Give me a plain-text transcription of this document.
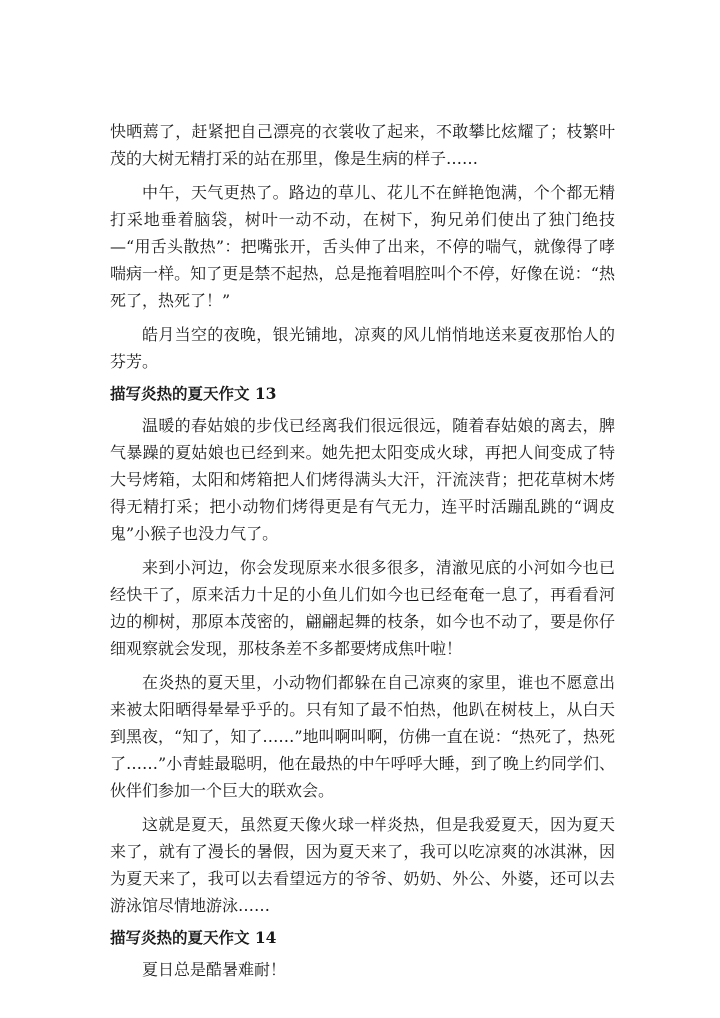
快晒蔫了，赶紧把自己漂亮的衣裳收了起来，不敢攀比炫耀了；枝繁叶茂的大树无精打采的站在那里，像是生病的样子……

中午，天气更热了。路边的草儿、花儿不在鲜艳饱满，个个都无精打采地垂着脑袋，树叶一动不动，在树下，狗兄弟们使出了独门绝技—“用舌头散热”：把嘴张开，舌头伸了出来，不停的喘气，就像得了哮喘病一样。知了更是禁不起热，总是拖着唱腔叫个不停，好像在说：“热死了，热死了！”

皓月当空的夜晚，银光铺地，凉爽的风儿悄悄地送来夏夜那怡人的芬芳。

描写炎热的夏天作文 13

温暖的春姑娘的步伐已经离我们很远很远，随着春姑娘的离去，脾气暴躁的夏姑娘也已经到来。她先把太阳变成火球，再把人间变成了特大号烤箱，太阳和烤箱把人们烤得满头大汗，汗流浃背；把花草树木烤得无精打采；把小动物们烤得更是有气无力，连平时活蹦乱跳的“调皮鬼”小猴子也没力气了。

来到小河边，你会发现原来水很多很多，清澈见底的小河如今也已经快干了，原来活力十足的小鱼儿们如今也已经奄奄一息了，再看看河边的柳树，那原本茂密的，翩翩起舞的枝条，如今也不动了，要是你仔细观察就会发现，那枝条差不多都要烤成焦叶啦！

在炎热的夏天里，小动物们都躲在自己凉爽的家里，谁也不愿意出来被太阳晒得晕晕乎乎的。只有知了最不怕热，他趴在树枝上，从白天到黑夜，“知了，知了……”地叫啊叫啊，仿佛一直在说：“热死了，热死了……”小青蛙最聪明，他在最热的中午呼呼大睡，到了晚上约同学们、伙伴们参加一个巨大的联欢会。

这就是夏天，虽然夏天像火球一样炎热，但是我爱夏天，因为夏天来了，就有了漫长的暑假，因为夏天来了，我可以吃凉爽的冰淇淋，因为夏天来了，我可以去看望远方的爷爷、奶奶、外公、外婆，还可以去游泳馆尽情地游泳……

描写炎热的夏天作文 14

夏日总是酷暑难耐！
